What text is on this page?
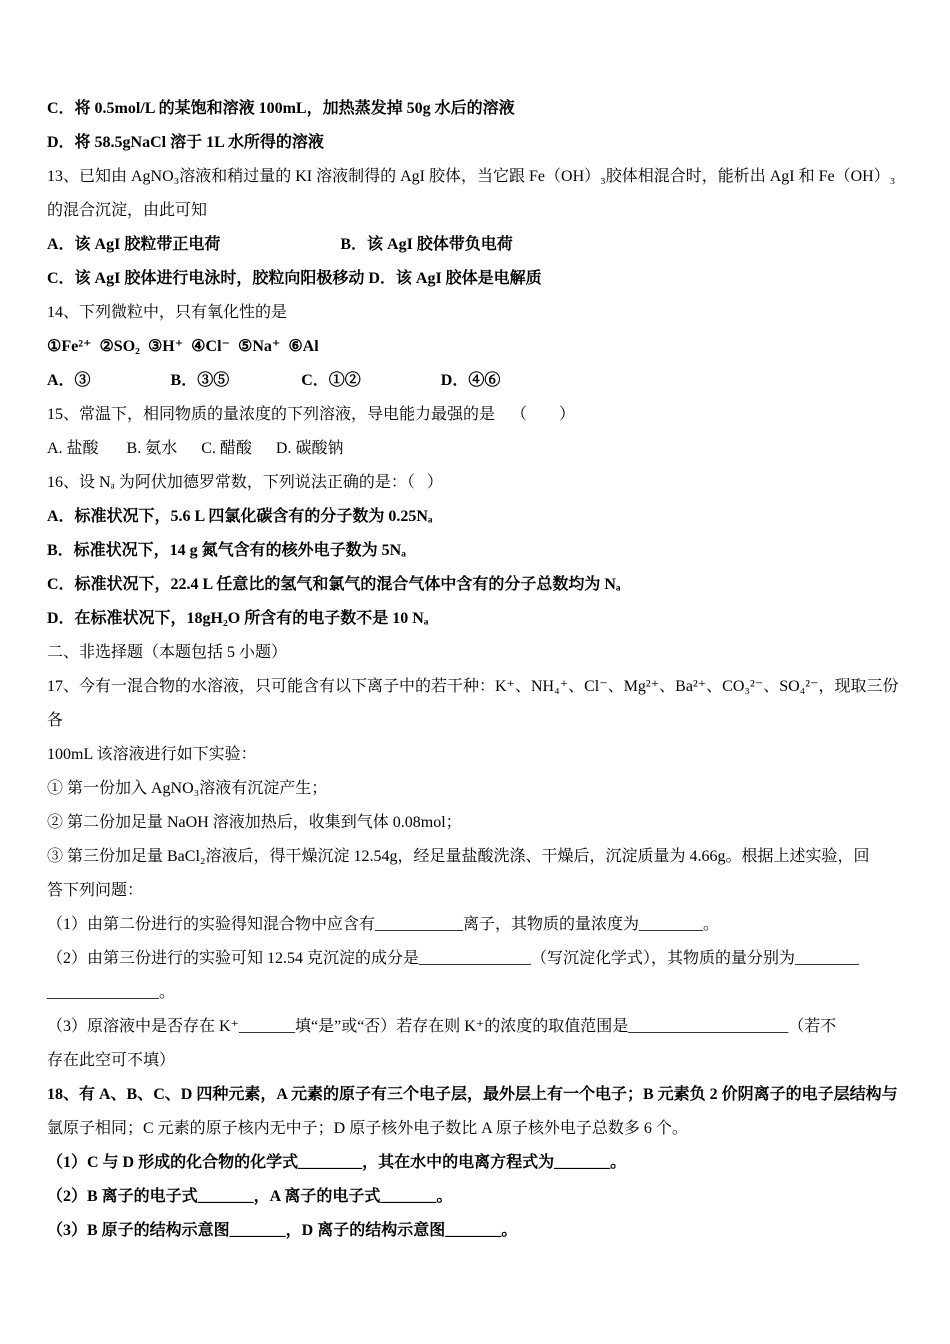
C．将 0.5mol/L 的某饱和溶液 100mL，加热蒸发掉 50g 水后的溶液
D．将 58.5gNaCl 溶于 1L 水所得的溶液
13、已知由 AgNO₃溶液和稍过量的 KI 溶液制得的 AgI 胶体，当它跟 Fe（OH）₃胶体相混合时，能析出 AgI 和 Fe（OH）₃
的混合沉淀，由此可知
A．该 AgI 胶粒带正电荷                              B．该 AgI 胶体带负电荷
C．该 AgI 胶体进行电泳时，胶粒向阳极移动 D．该 AgI 胶体是电解质
14、下列微粒中，只有氧化性的是
①Fe²⁺  ②SO₂  ③H⁺  ④Cl⁻  ⑤Na⁺  ⑥Al
A．③                    B．③⑤                  C．①②                    D．④⑥
15、常温下，相同物质的量浓度的下列溶液，导电能力最强的是    （        ）
A. 盐酸       B. 氨水      C. 醋酸      D. 碳酸钠
16、设 Nₐ 为阿伏加德罗常数，下列说法正确的是：（   ）
A．标准状况下，5.6 L 四氯化碳含有的分子数为 0.25Nₐ
B．标准状况下，14 g 氮气含有的核外电子数为 5Nₐ
C．标准状况下，22.4 L 任意比的氢气和氯气的混合气体中含有的分子总数均为 Nₐ
D．在标准状况下，18gH₂O 所含有的电子数不是 10 Nₐ
二、非选择题（本题包括 5 小题）
17、今有一混合物的水溶液，只可能含有以下离子中的若干种：K⁺、NH₄⁺、Cl⁻、Mg²⁺、Ba²⁺、CO₃²⁻、SO₄²⁻，现取三份各
100mL 该溶液进行如下实验：
① 第一份加入 AgNO₃溶液有沉淀产生；
② 第二份加足量 NaOH 溶液加热后，收集到气体 0.08mol；
③ 第三份加足量 BaCl₂溶液后，得干燥沉淀 12.54g，经足量盐酸洗涤、干燥后，沉淀质量为 4.66g。根据上述实验，回
答下列问题：
（1）由第二份进行的实验得知混合物中应含有___________离子，其物质的量浓度为________。
（2）由第三份进行的实验可知 12.54 克沉淀的成分是______________（写沉淀化学式），其物质的量分别为________
______________。
（3）原溶液中是否存在 K⁺_______填“是”或“否）若存在则 K⁺的浓度的取值范围是____________________（若不
存在此空可不填）
18、有 A、B、C、D 四种元素，A 元素的原子有三个电子层，最外层上有一个电子；B 元素负 2 价阴离子的电子层结构与
氩原子相同；C 元素的原子核内无中子；D 原子核外电子数比 A 原子核外电子总数多 6 个。
（1）C 与 D 形成的化合物的化学式________，其在水中的电离方程式为_______。
（2）B 离子的电子式_______，A 离子的电子式_______。
（3）B 原子的结构示意图_______，D 离子的结构示意图_______。
